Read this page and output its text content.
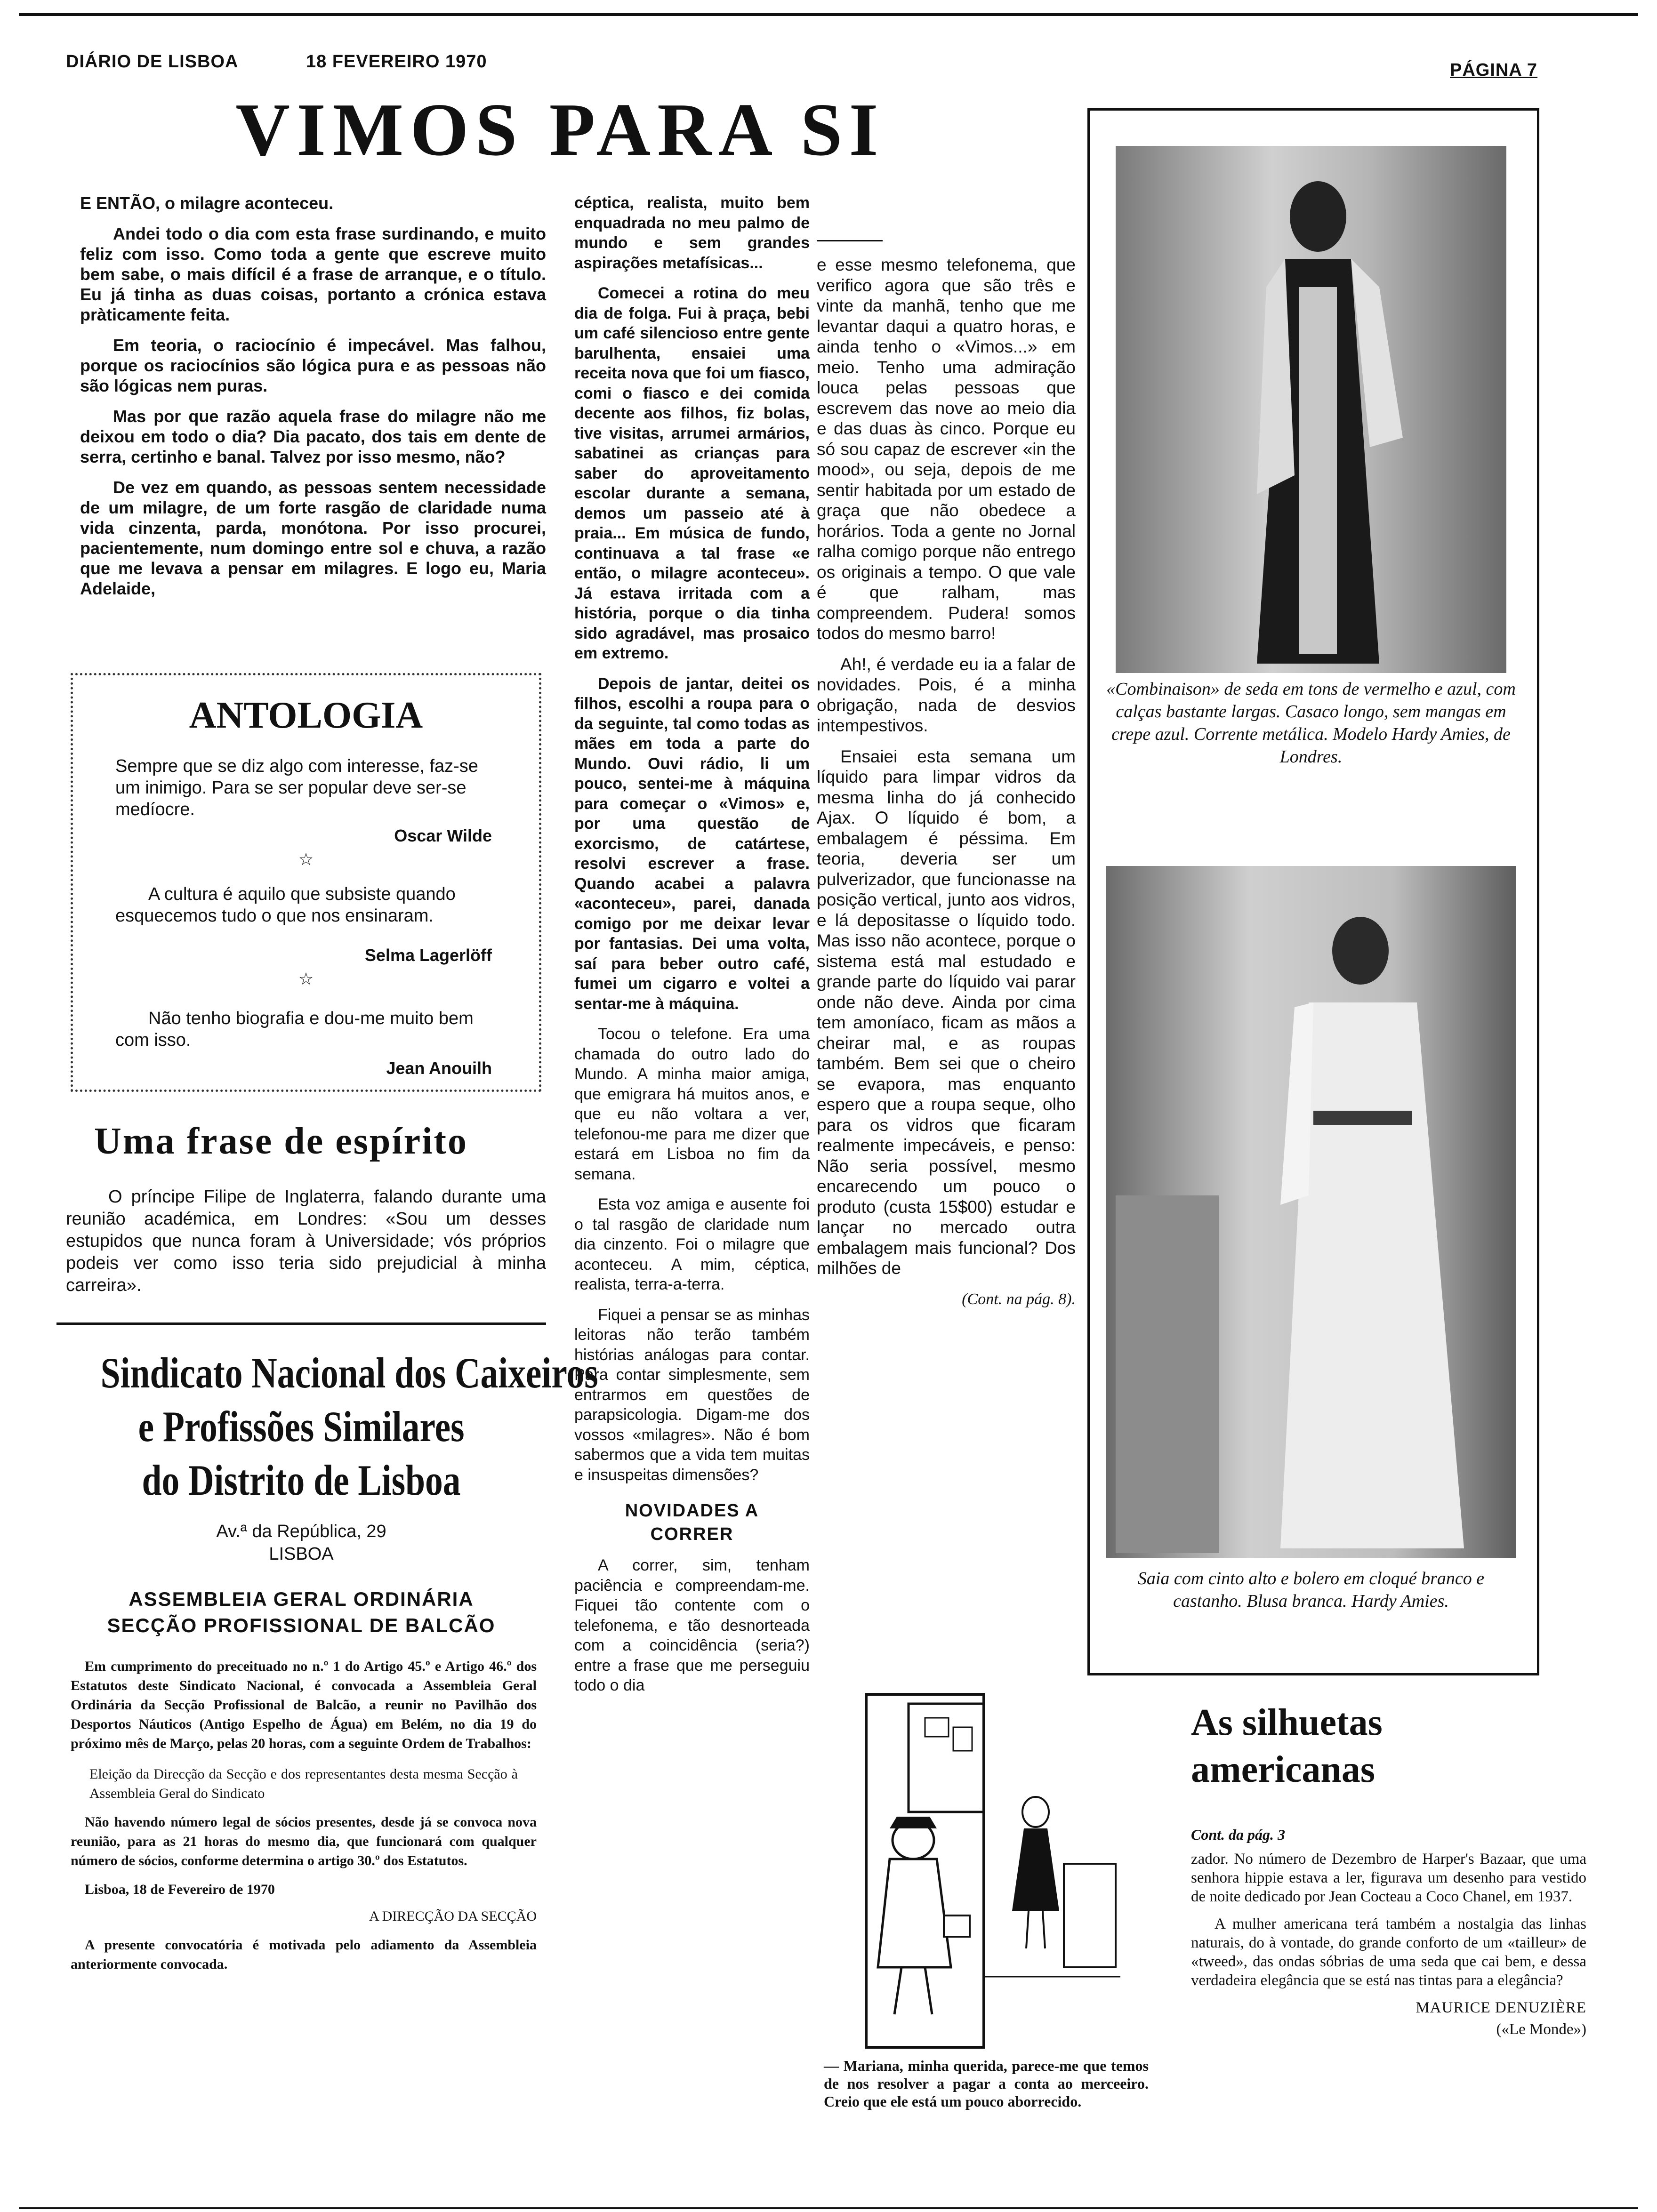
DIÁRIO DE LISBOA	18 FEVEREIRO 1970	PÁGINA 7
VIMOS PARA SI

E ENTÃO, o milagre aconteceu.

Andei todo o dia com esta frase surdinando, e muito feliz com isso. Como toda a gente que escreve muito bem sabe, o mais difícil é a frase de arranque, e o título. Eu já tinha as duas coisas, portanto a crónica estava pràticamente feita.

Em teoria, o raciocínio é impecável. Mas falhou, porque os raciocínios são lógica pura e as pessoas não são lógicas nem puras.

Mas por que razão aquela frase do milagre não me deixou em todo o dia? Dia pacato, dos tais em dente de serra, certinho e banal. Talvez por isso mesmo, não?

De vez em quando, as pessoas sentem necessidade de um milagre, de um forte rasgão de claridade numa vida cinzenta, parda, monótona. Por isso procurei, pacientemente, num domingo entre sol e chuva, a razão que me levava a pensar em milagres. E logo eu, Maria Adelaide,

ANTOLOGIA
Sempre que se diz algo com interesse, faz-se um inimigo. Para se ser popular deve ser-se medíocre.
Oscar Wilde
☆
A cultura é aquilo que subsiste quando esquecemos tudo o que nos ensinaram.
Selma Lagerlöff
☆
Não tenho biografia e dou-me muito bem com isso.
Jean Anouilh
Uma frase de espírito
O príncipe Filipe de Inglaterra, falando durante uma reunião académica, em Londres: «Sou um desses estupidos que nunca foram à Universidade; vós próprios podeis ver como isso teria sido prejudicial à minha carreira».
Sindicato Nacional dos Caixeiros
e Profissões Similares
do Distrito de Lisboa
Av.ª da República, 29
LISBOA
ASSEMBLEIA GERAL ORDINÁRIA
SECÇÃO PROFISSIONAL DE BALCÃO
Em cumprimento do preceituado no n.º 1 do Artigo 45.º e Artigo 46.º dos Estatutos deste Sindicato Nacional, é convocada a Assembleia Geral Ordinária da Secção Profissional de Balcão, a reunir no Pavilhão dos Desportos Náuticos (Antigo Espelho de Água) em Belém, no dia 19 do próximo mês de Março, pelas 20 horas, com a seguinte Ordem de Trabalhos:
Eleição da Direcção da Secção e dos representantes desta mesma Secção à Assembleia Geral do Sindicato
Não havendo número legal de sócios presentes, desde já se convoca nova reunião, para as 21 horas do mesmo dia, que funcionará com qualquer número de sócios, conforme determina o artigo 30.º dos Estatutos.
Lisboa, 18 de Fevereiro de 1970
A DIRECÇÃO DA SECÇÃO
A presente convocatória é motivada pelo adiamento da Assembleia anteriormente convocada.

céptica, realista, muito bem enquadrada no meu palmo de mundo e sem grandes aspirações metafísicas...

Comecei a rotina do meu dia de folga. Fui à praça, bebi um café silencioso entre gente barulhenta, ensaiei uma receita nova que foi um fiasco, comi o fiasco e dei comida decente aos filhos, fiz bolas, tive visitas, arrumei armários, sabatinei as crianças para saber do aproveitamento escolar durante a semana, demos um passeio até à praia... Em música de fundo, continuava a tal frase «e então, o milagre aconteceu». Já estava irritada com a história, porque o dia tinha sido agradável, mas prosaico em extremo.

Depois de jantar, deitei os filhos, escolhi a roupa para o da seguinte, tal como todas as mães em toda a parte do Mundo. Ouvi rádio, li um pouco, sentei-me à máquina para começar o «Vimos» e, por uma questão de exorcismo, de catártese, resolvi escrever a frase. Quando acabei a palavra «aconteceu», parei, danada comigo por me deixar levar por fantasias. Dei uma volta, saí para beber outro café, fumei um cigarro e voltei a sentar-me à máquina.

Tocou o telefone. Era uma chamada do outro lado do Mundo. A minha maior amiga, que emigrara há muitos anos, e que eu não voltara a ver, telefonou-me para me dizer que estará em Lisboa no fim da semana.

Esta voz amiga e ausente foi o tal rasgão de claridade num dia cinzento. Foi o milagre que aconteceu. A mim, céptica, realista, terra-a-terra.

Fiquei a pensar se as minhas leitoras não terão também histórias análogas para contar. Para contar simplesmente, sem entrarmos em questões de parapsicologia. Digam-me dos vossos «milagres». Não é bom sabermos que a vida tem muitas e insuspeitas dimensões?

NOVIDADES A CORRER

A correr, sim, tenham paciência e compreendam-me. Fiquei tão contente com o telefonema, e tão desnorteada com a coincidência (seria?) entre a frase que me perseguiu todo o dia

e esse mesmo telefonema, que verifico agora que são três e vinte da manhã, tenho que me levantar daqui a quatro horas, e ainda tenho o «Vimos...» em meio. Tenho uma admiração louca pelas pessoas que escrevem das nove ao meio dia e das duas às cinco. Porque eu só sou capaz de escrever «in the mood», ou seja, depois de me sentir habitada por um estado de graça que não obedece a horários. Toda a gente no Jornal ralha comigo porque não entrego os originais a tempo. O que vale é que ralham, mas compreendem. Pudera! somos todos do mesmo barro!

Ah!, é verdade eu ia a falar de novidades. Pois, é a minha obrigação, nada de desvios intempestivos.

Ensaiei esta semana um líquido para limpar vidros da mesma linha do já conhecido Ajax. O líquido é bom, a embalagem é péssima. Em teoria, deveria ser um pulverizador, que funcionasse na posição vertical, junto aos vidros, e lá depositasse o líquido todo. Mas isso não acontece, porque o sistema está mal estudado e grande parte do líquido vai parar onde não deve. Ainda por cima tem amoníaco, ficam as mãos a cheirar mal, e as roupas também. Bem sei que o cheiro se evapora, mas enquanto espero que a roupa seque, olho para os vidros que ficaram realmente impecáveis, e penso: Não seria possível, mesmo encarecendo um pouco o produto (custa 15$00) estudar e lançar no mercado outra embalagem mais funcional? Dos milhões de

(Cont. na pág. 8).
— Mariana, minha querida, parece-me que temos de nos resolver a pagar a conta ao merceeiro. Creio que ele está um pouco aborrecido.
«Combinaison» de seda em tons de vermelho e azul, com calças bastante largas. Casaco longo, sem mangas em crepe azul. Corrente metálica. Modelo Hardy Amies, de Londres.
Saia com cinto alto e bolero em cloqué branco e castanho. Blusa branca. Hardy Amies.
As silhuetas
americanas
Cont. da pág. 3
zador. No número de Dezembro de Harper's Bazaar, que uma senhora hippie estava a ler, figurava um desenho para vestido de noite dedicado por Jean Cocteau a Coco Chanel, em 1937.
A mulher americana terá também a nostalgia das linhas naturais, do à vontade, do grande conforto de um «tailleur» de «tweed», das ondas sóbrias de uma seda que cai bem, e dessa verdadeira elegância que se está nas tintas para a elegância?
MAURICE DENUZIÈRE
(«Le Monde»)
